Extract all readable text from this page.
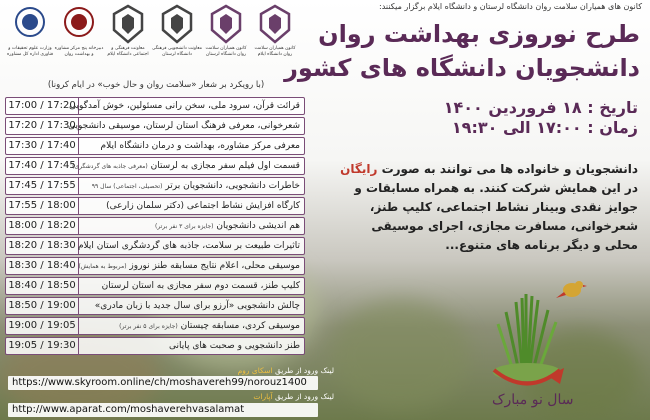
کانون همیاران سلامت روان دانشگاه ایلام
کانون همیاران سلامت روان دانشگاه لرستان
معاونت دانشجویی فرهنگی دانشگاه لرستان
معاونت فرهنگی و اجتماعی دانشگاه ایلام
دبیرخانه پنج مرکز مشاوره و بهداشت روان
وزارت علوم تحقیقات و فناوری اداره کل مشاوره
کانون های همیاران سلامت روان دانشگاه لرستان و دانشگاه ایلام برگزار میکنند:
طرح نوروزی بهداشت روان
دانشجویان دانشگاه های کشور
(با رویکرد بر شعار «سلامت روان و حال خوب» در ایام کرونا)
17:00 / 17:20
قرائت قرآن، سرود ملی، سخن رانی مسئولین، خوش آمدگویی
17:20 / 17:30
شعرخوانی، معرفی فرهنگ استان لرستان، موسیقی دانشجویی
17:30 / 17:40	معرفی مرکز مشاوره، بهداشت و درمان دانشگاه ایلام
17:40 / 17:45	قسمت اول فیلم سفر مجازی به لرستان (معرفی جاذبه های گردشگری)
17:45 / 17:55	خاطرات دانشجویی، دانشجویان برتر (تحصیلی، اجتماعی) سال ۹۹
17:55 / 18:00	کارگاه افزایش نشاط اجتماعی (دکتر سلمان زارعی)
18:00 / 18:20	هم اندیشی دانشجویان (جایزه برای ۳ نفر برتر)
18:20 / 18:30 تاثیرات طبیعت بر سلامت، جاذبه های گردشگری استان ایلام
18:30 / 18:40	موسیقی محلی، اعلام نتایج مسابقه طنز نوروز (مربوط به همایش)
18:40 / 18:50	کلیپ طنز، قسمت دوم سفر مجازی به استان لرستان
18:50 / 19:00	چالش دانشجویی «آرزو برای سال جدید با زبان مادری»
19:00 / 19:05	موسیقی کردی، مسابقه چیستان (جایزه برای ۵ نفر برتر)
19:05 / 19:30	طنز دانشجویی و صحبت های پایانی
تاریخ : ۱۸ فروردین ۱۴۰۰
زمان : ۱۷:۰۰ الی ۱۹:۳۰
دانشجویان و خانواده ها می توانند به صورت رایگان در این همایش شرکت کنند. به همراه مسابقات و جوایز نقدی وبینار نشاط اجتماعی، کلیپ طنز، شعرخوانی، مسافرت مجازی، اجرای موسیقی محلی و دیگر برنامه های متنوع...
لینک ورود از طریق اسکای روم
https://www.skyroom.online/ch/moshavereh99/norouz1400
لینک ورود از طریق آپارات
http://www.aparat.com/moshaverehvasalamat
سال نو مبارک
